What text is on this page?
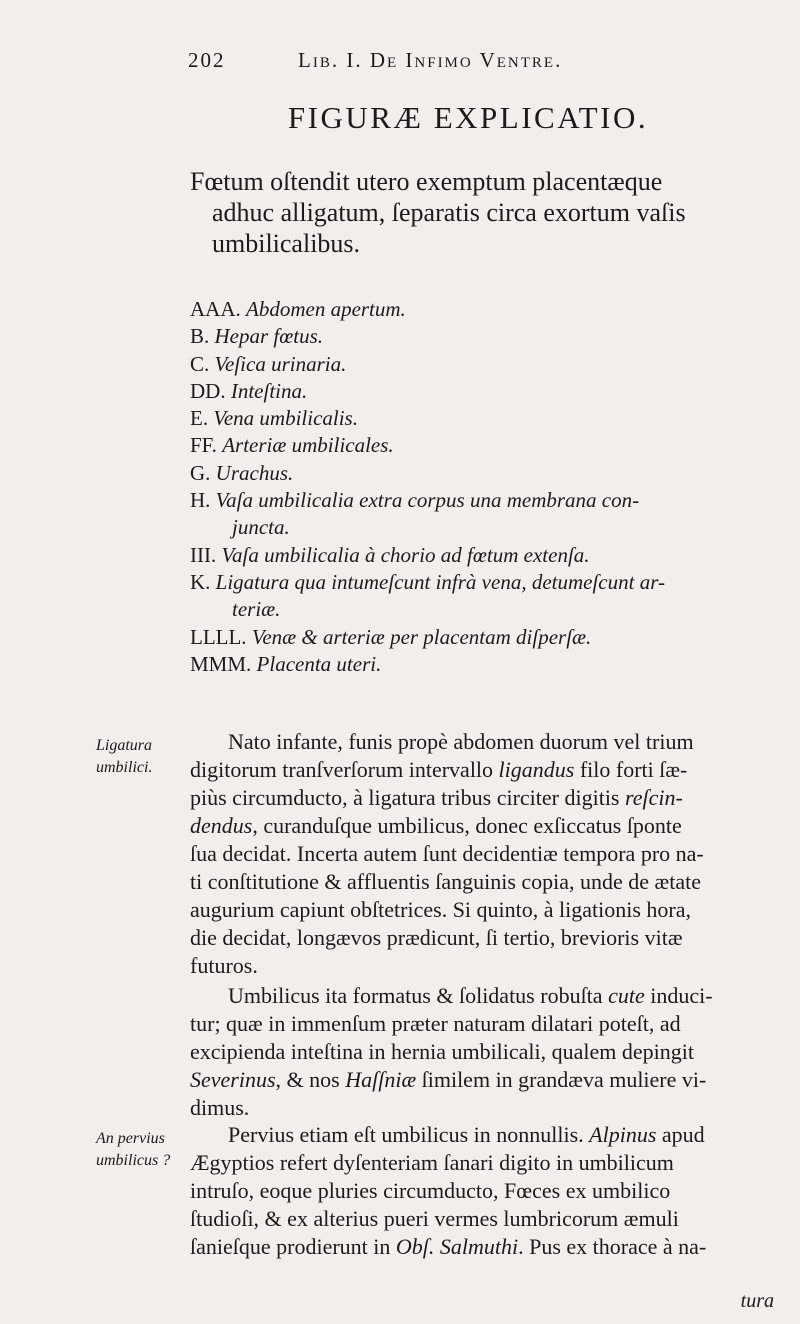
202	Lib. I. De Infimo Ventre.
FIGURÆ EXPLICATIO.

Fœtum oſtendit utero exemptum placentæque
adhuc alligatum, ſeparatis circa exortum vaſis
umbilicalibus.

AAA. Abdomen apertum.
B. Hepar fœtus.
C. Veſica urinaria.
DD. Inteſtina.
E. Vena umbilicalis.
FF. Arteriæ umbilicales.
G. Urachus.
H. Vaſa umbilicalia extra corpus una membrana con-
juncta.
III. Vaſa umbilicalia à chorio ad fœtum extenſa.
K. Ligatura qua intumeſcunt infrà vena, detumeſcunt ar-
teriæ.
LLLL. Venæ & arteriæ per placentam diſperſæ.
MMM. Placenta uteri.
Ligatura
umbilici.

Nato infante, funis propè abdomen duorum vel trium

digitorum tranſverſorum intervallo ligandus filo forti ſæ-

piùs circumducto, à ligatura tribus circiter digitis reſcin-

dendus, curanduſque umbilicus, donec exſiccatus ſponte

ſua decidat. Incerta autem ſunt decidentiæ tempora pro na-

ti conſtitutione & affluentis ſanguinis copia, unde de ætate

augurium capiunt obſtetrices. Si quinto, à ligationis hora,

die decidat, longævos prædicunt, ſi tertio, brevioris vitæ

futuros.

Umbilicus ita formatus & ſolidatus robuſta cute induci-

tur; quæ in immenſum præter naturam dilatari poteſt, ad

excipienda inteſtina in hernia umbilicali, qualem depingit

Severinus, & nos Haſſniæ ſimilem in grandæva muliere vi-

dimus.

An pervius
umbilicus ?

Pervius etiam eſt umbilicus in nonnullis. Alpinus apud

Ægyptios refert dyſenteriam ſanari digito in umbilicum

intruſo, eoque pluries circumducto, Fœces ex umbilico

ſtudioſi, & ex alterius pueri vermes lumbricorum æmuli

ſanieſque prodierunt in Obſ. Salmuthi. Pus ex thorace à na-

tura
